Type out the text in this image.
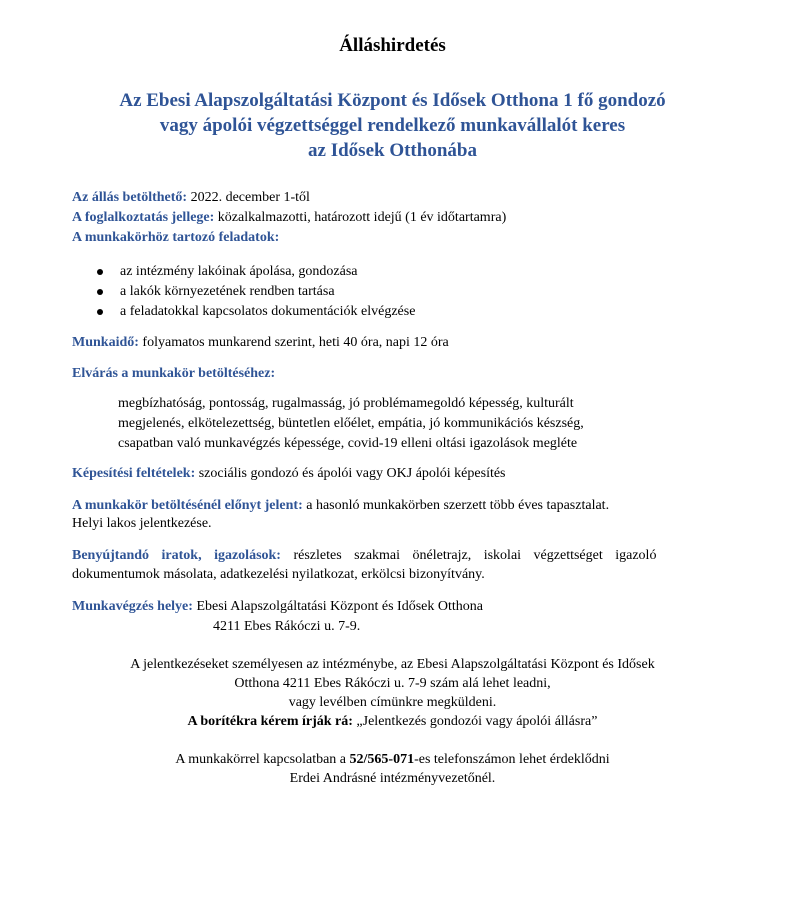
Álláshirdetés
Az Ebesi Alapszolgáltatási Központ és Idősek Otthona 1 fő gondozó
vagy ápolói végzettséggel rendelkező munkavállalót keres
az Idősek Otthonába
Az állás betölthető: 2022. december 1-től
A foglalkoztatás jellege: közalkalmazotti, határozott idejű (1 év időtartamra)
A munkakörhöz tartozó feladatok:
az intézmény lakóinak ápolása, gondozása
a lakók környezetének rendben tartása
a feladatokkal kapcsolatos dokumentációk elvégzése
Munkaidő: folyamatos munkarend szerint, heti 40 óra, napi 12 óra
Elvárás a munkakör betöltéséhez:
megbízhatóság, pontosság, rugalmasság, jó problémamegoldó képesség, kulturált
megjelenés, elkötelezettség, büntetlen előélet, empátia, jó kommunikációs készség,
csapatban való munkavégzés képessége, covid-19 elleni oltási igazolások megléte
Képesítési feltételek: szociális gondozó és ápolói vagy OKJ ápolói képesítés
A munkakör betöltésénél előnyt jelent: a hasonló munkakörben szerzett több éves tapasztalat.
Helyi lakos jelentkezése.
Benyújtandó iratok, igazolások: részletes szakmai önéletrajz, iskolai végzettséget igazoló
dokumentumok másolata, adatkezelési nyilatkozat, erkölcsi bizonyítvány.
Munkavégzés helye: Ebesi Alapszolgáltatási Központ és Idősek Otthona
4211 Ebes Rákóczi u. 7-9.
A jelentkezéseket személyesen az intézménybe, az Ebesi Alapszolgáltatási Központ és Idősek
Otthona 4211 Ebes Rákóczi u. 7-9 szám alá lehet leadni,
vagy levélben címünkre megküldeni.
A borítékra kérem írják rá: „Jelentkezés gondozói vagy ápolói állásra”
A munkakörrel kapcsolatban a 52/565-071-es telefonszámon lehet érdeklődni
Erdei Andrásné intézményvezetőnél.
